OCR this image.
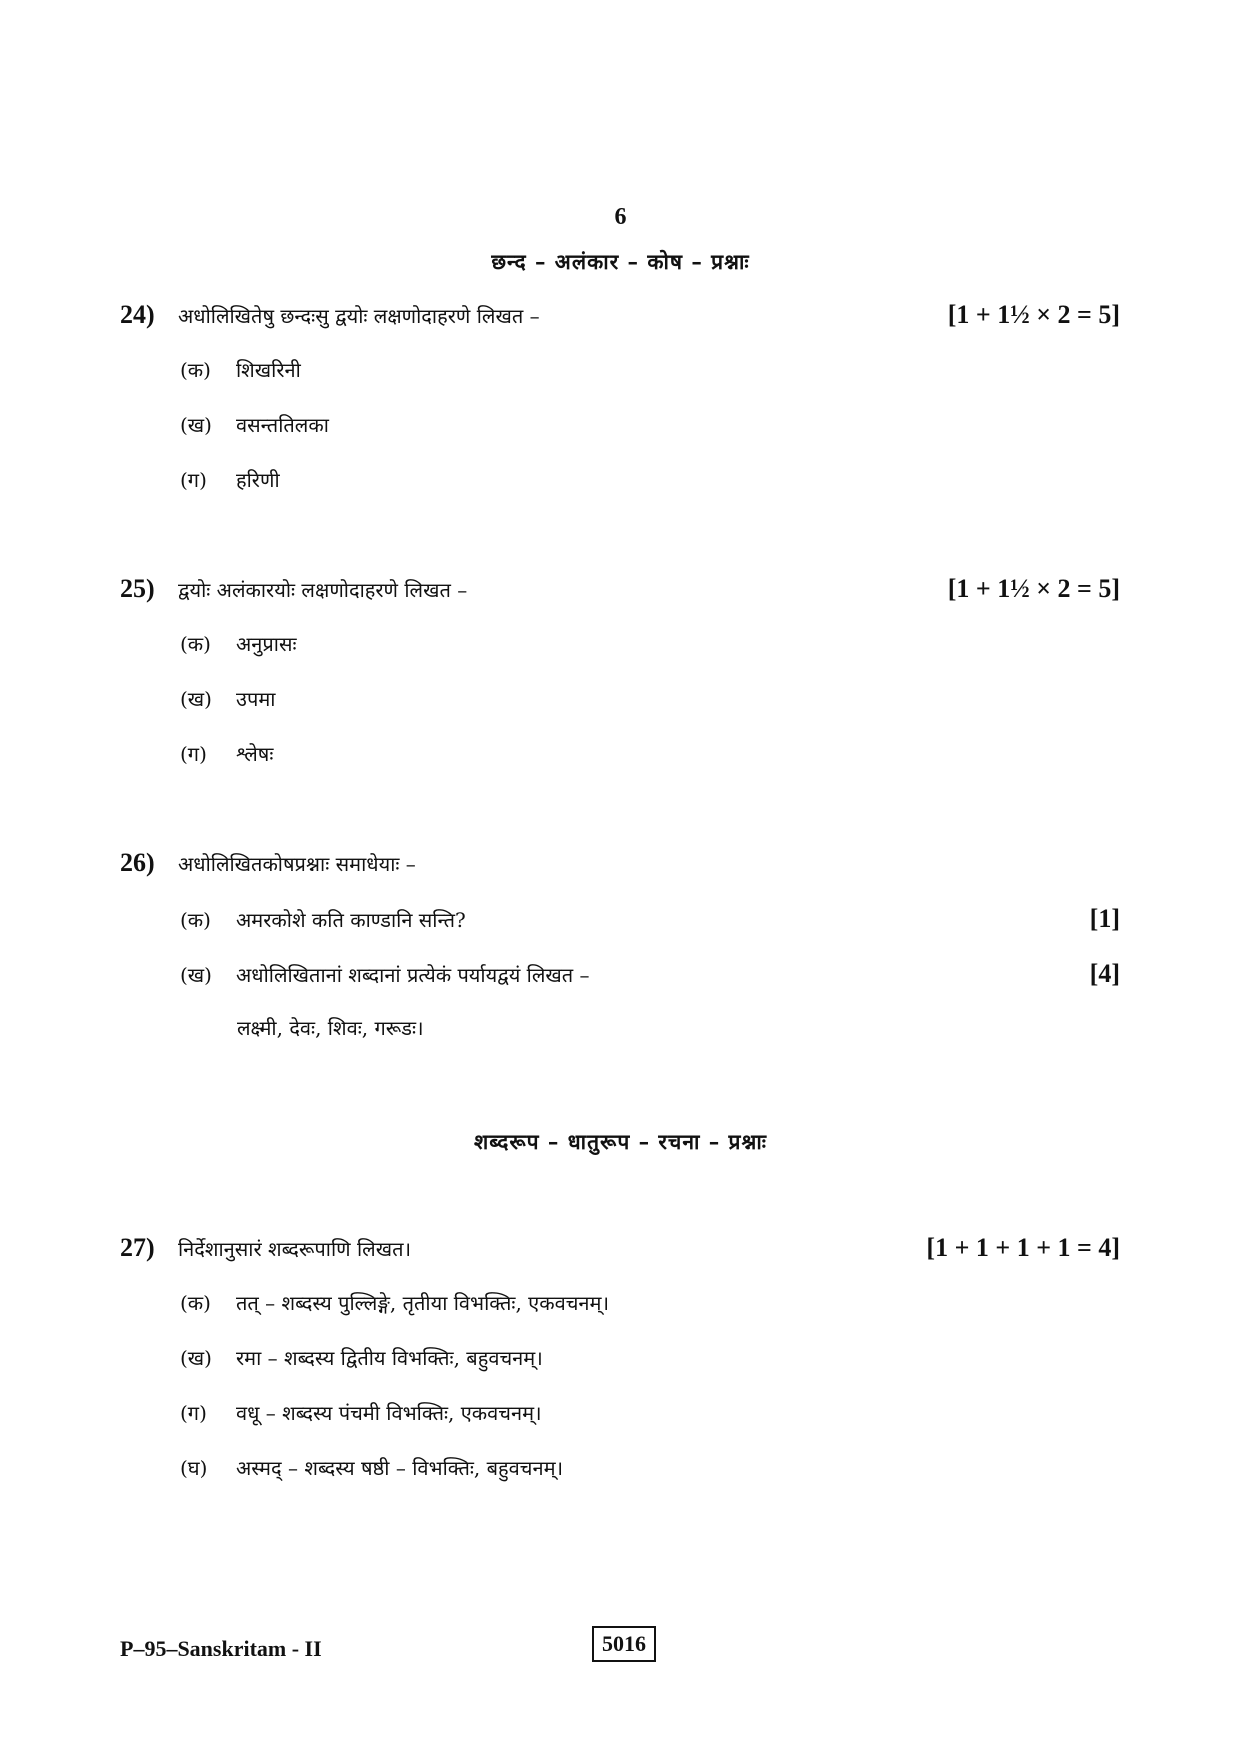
6
छन्द – अलंकार – कोष – प्रश्नाः
24)	अधोलिखितेषु छन्दःसु द्वयोः लक्षणोदाहरणे लिखत –	[1 + 1½ × 2 = 5]
(क)	शिखरिनी
(ख)	वसन्ततिलका
(ग)	हरिणी
25)	द्वयोः अलंकारयोः लक्षणोदाहरणे लिखत –	[1 + 1½ × 2 = 5]
(क)	अनुप्रासः
(ख)	उपमा
(ग)	श्लेषः
26)	अधोलिखितकोषप्रश्नाः समाधेयाः –
(क)	अमरकोशे कति काण्डानि सन्ति?	[1]
(ख)	अधोलिखितानां शब्दानां प्रत्येकं पर्यायद्वयं लिखत –	[4]
लक्ष्मी, देवः, शिवः, गरूडः।
शब्दरूप – धातुरूप – रचना – प्रश्नाः
27)	निर्देशानुसारं शब्दरूपाणि लिखत।	[1 + 1 + 1 + 1 = 4]
(क)	तत् – शब्दस्य पुल्लिङ्गे, तृतीया विभक्तिः, एकवचनम्।
(ख)	रमा – शब्दस्य द्वितीय विभक्तिः, बहुवचनम्।
(ग)	वधू – शब्दस्य पंचमी विभक्तिः, एकवचनम्।
(घ)	अस्मद् – शब्दस्य षष्ठी – विभक्तिः, बहुवचनम्।
P–95–Sanskritam - II	5016
